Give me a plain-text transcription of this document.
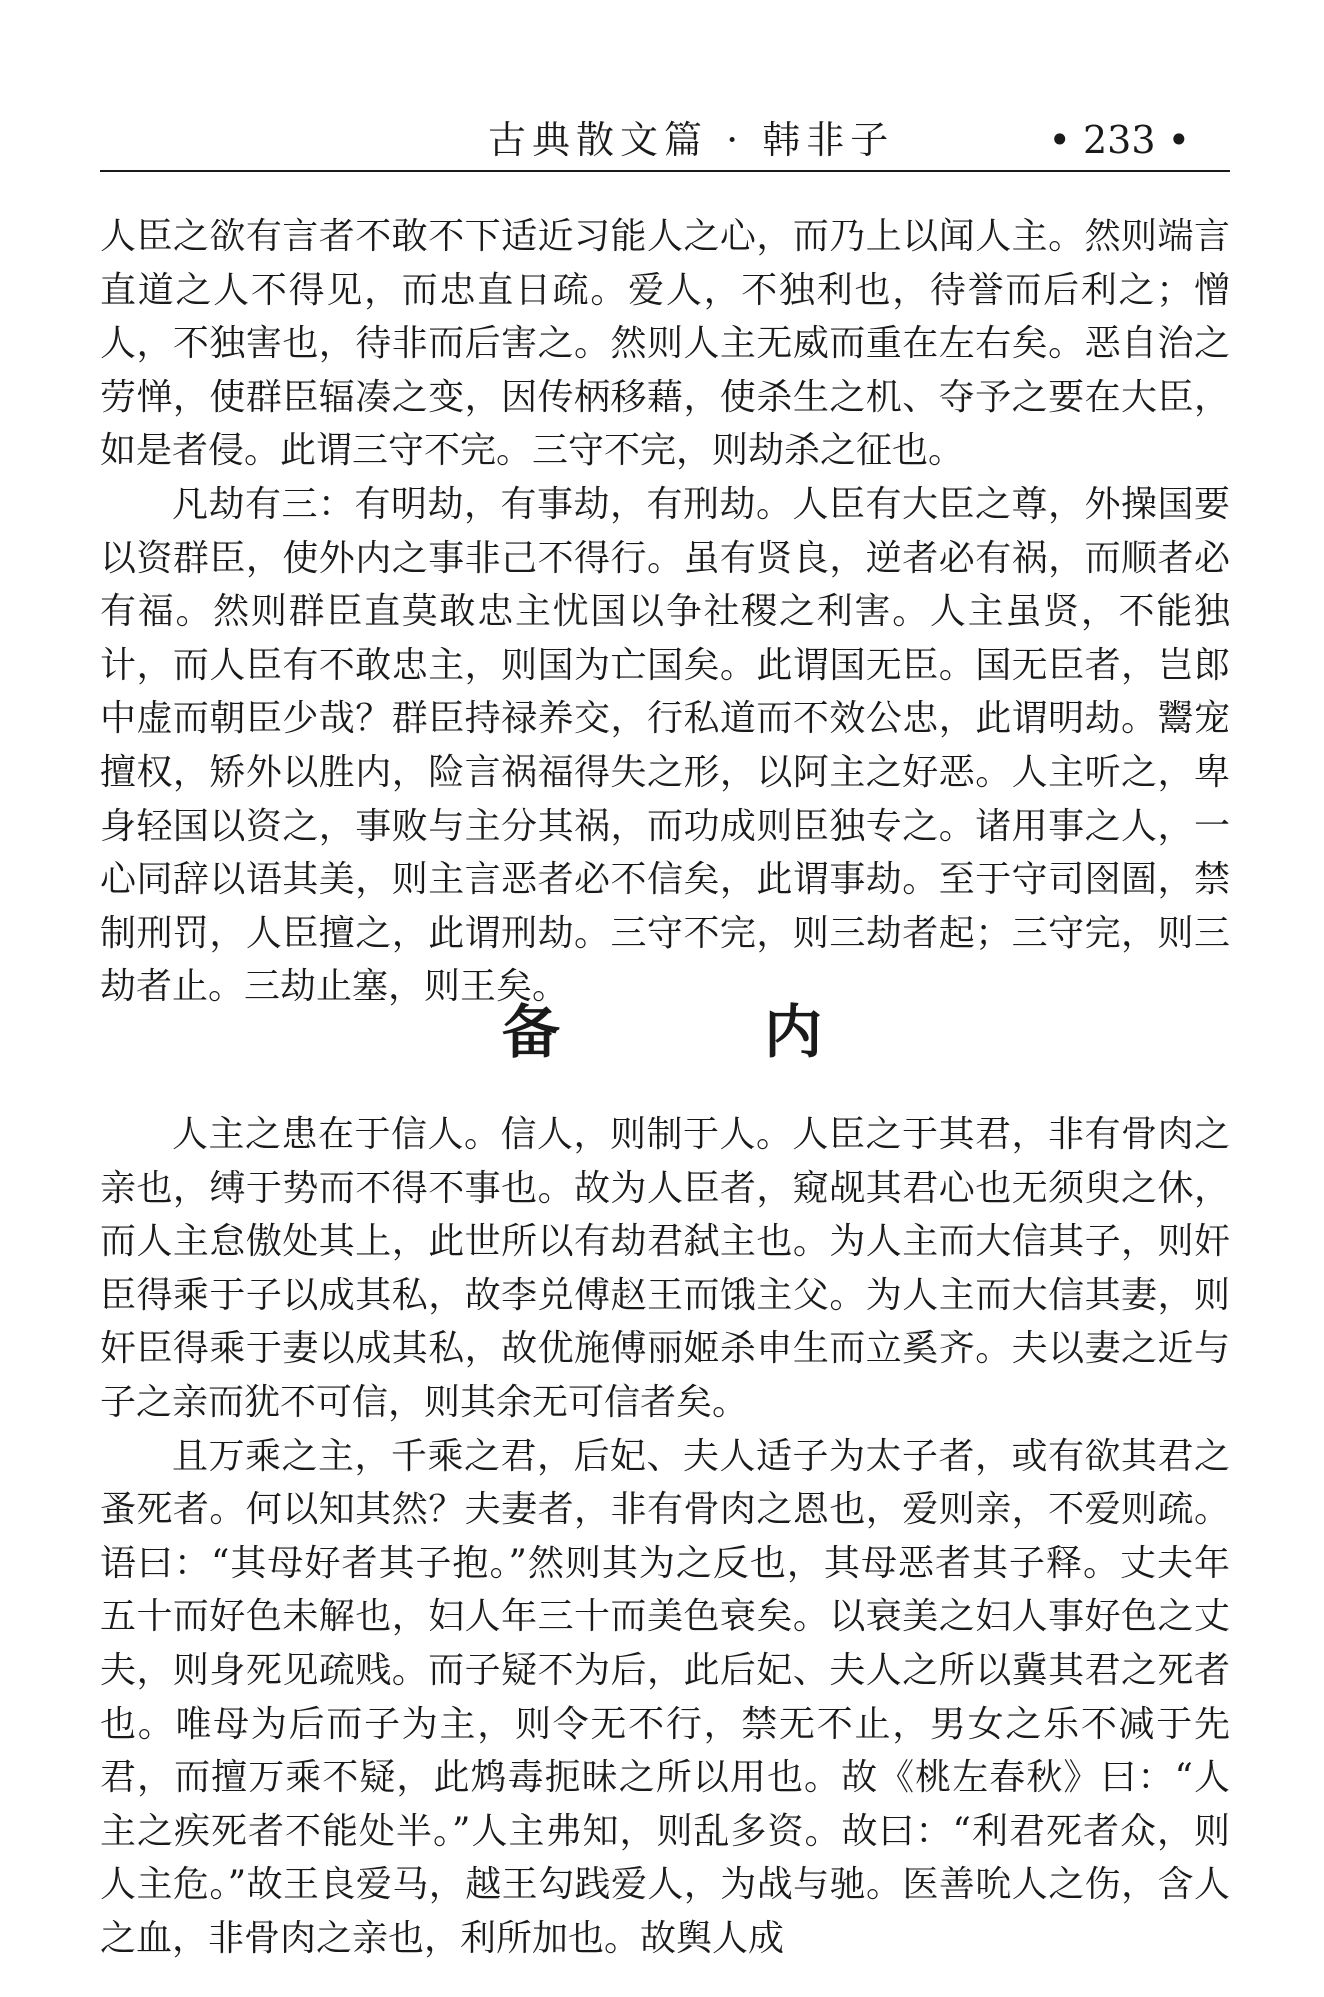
古典散文篇 · 韩非子	• 233 •

人臣之欲有言者不敢不下适近习能人之心，而乃上以闻人主。然则端言直道之人不得见，而忠直日疏。爱人，不独利也，待誉而后利之；憎人，不独害也，待非而后害之。然则人主无威而重在左右矣。恶自治之劳惮，使群臣辐凑之变，因传柄移藉，使杀生之机、夺予之要在大臣，如是者侵。此谓三守不完。三守不完，则劫杀之征也。

凡劫有三：有明劫，有事劫，有刑劫。人臣有大臣之尊，外操国要以资群臣，使外内之事非己不得行。虽有贤良，逆者必有祸，而顺者必有福。然则群臣直莫敢忠主忧国以争社稷之利害。人主虽贤，不能独计，而人臣有不敢忠主，则国为亡国矣。此谓国无臣。国无臣者，岂郎中虚而朝臣少哉？群臣持禄养交，行私道而不效公忠，此谓明劫。鬻宠擅权，矫外以胜内，险言祸福得失之形，以阿主之好恶。人主听之，卑身轻国以资之，事败与主分其祸，而功成则臣独专之。诸用事之人，一心同辞以语其美，则主言恶者必不信矣，此谓事劫。至于守司囹圄，禁制刑罚，人臣擅之，此谓刑劫。三守不完，则三劫者起；三守完，则三劫者止。三劫止塞，则王矣。

备 内

人主之患在于信人。信人，则制于人。人臣之于其君，非有骨肉之亲也，缚于势而不得不事也。故为人臣者，窥觇其君心也无须臾之休，而人主怠傲处其上，此世所以有劫君弑主也。为人主而大信其子，则奸臣得乘于子以成其私，故李兑傅赵王而饿主父。为人主而大信其妻，则奸臣得乘于妻以成其私，故优施傅丽姬杀申生而立奚齐。夫以妻之近与子之亲而犹不可信，则其余无可信者矣。

且万乘之主，千乘之君，后妃、夫人适子为太子者，或有欲其君之蚤死者。何以知其然？夫妻者，非有骨肉之恩也，爱则亲，不爱则疏。语曰：“其母好者其子抱。”然则其为之反也，其母恶者其子释。丈夫年五十而好色未解也，妇人年三十而美色衰矣。以衰美之妇人事好色之丈夫，则身死见疏贱。而子疑不为后，此后妃、夫人之所以冀其君之死者也。唯母为后而子为主，则令无不行，禁无不止，男女之乐不减于先君，而擅万乘不疑，此鸩毒扼昧之所以用也。故《桃左春秋》曰：“人主之疾死者不能处半。”人主弗知，则乱多资。故曰：“利君死者众，则人主危。”故王良爱马，越王勾践爱人，为战与驰。医善吮人之伤，含人之血，非骨肉之亲也，利所加也。故舆人成
